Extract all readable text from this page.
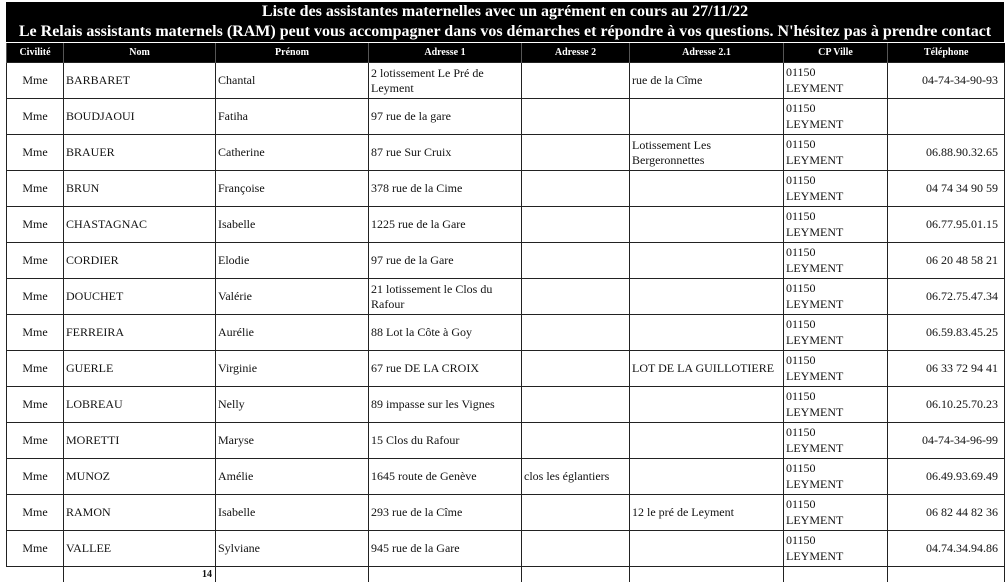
Liste des assistantes maternelles avec un agrément en cours au 27/11/22
Le Relais assistants maternels (RAM) peut vous accompagner dans vos démarches et répondre à vos questions. N'hésitez pas à prendre contact
Civilité	Nom	Prénom	Adresse 1	Adresse 2	Adresse 2.1	CP Ville	Téléphone
Mme	BARBARET	Chantal	2 lotissement Le Pré de Leyment		rue de la Cîme	01150
LEYMENT	04-74-34-90-93
Mme	BOUDJAOUI	Fatiha	97 rue de la gare			01150
LEYMENT	

Mme	BRAUER	Catherine	87 rue Sur Cruix		Lotissement Les Bergeronnettes	01150
LEYMENT	06.88.90.32.65
Mme	BRUN	Françoise	378 rue de la Cime			01150
LEYMENT	04 74 34 90 59
Mme	CHASTAGNAC	Isabelle	1225 rue de la Gare			01150
LEYMENT	06.77.95.01.15
Mme	CORDIER	Elodie	97 rue de la Gare			01150
LEYMENT	06 20 48 58 21
Mme	DOUCHET	Valérie	21 lotissement le Clos du Rafour			01150
LEYMENT	06.72.75.47.34
Mme	FERREIRA	Aurélie	88 Lot la Côte à Goy			01150
LEYMENT	06.59.83.45.25
Mme	GUERLE	Virginie	67 rue DE LA CROIX		LOT DE LA GUILLOTIERE	01150
LEYMENT	06 33 72 94 41
Mme	LOBREAU	Nelly	89 impasse sur les Vignes			01150
LEYMENT	06.10.25.70.23
Mme	MORETTI	Maryse	15 Clos du Rafour			01150
LEYMENT	04-74-34-96-99
Mme	MUNOZ	Amélie	1645 route de Genève	clos les églantiers		01150
LEYMENT	06.49.93.69.49
Mme	RAMON	Isabelle	293 rue de la Cîme		12 le pré de Leyment	01150
LEYMENT	06 82 44 82 36
Mme	VALLEE	Sylviane	945 rue de la Gare			01150
LEYMENT	04.74.34.94.86
	14						
